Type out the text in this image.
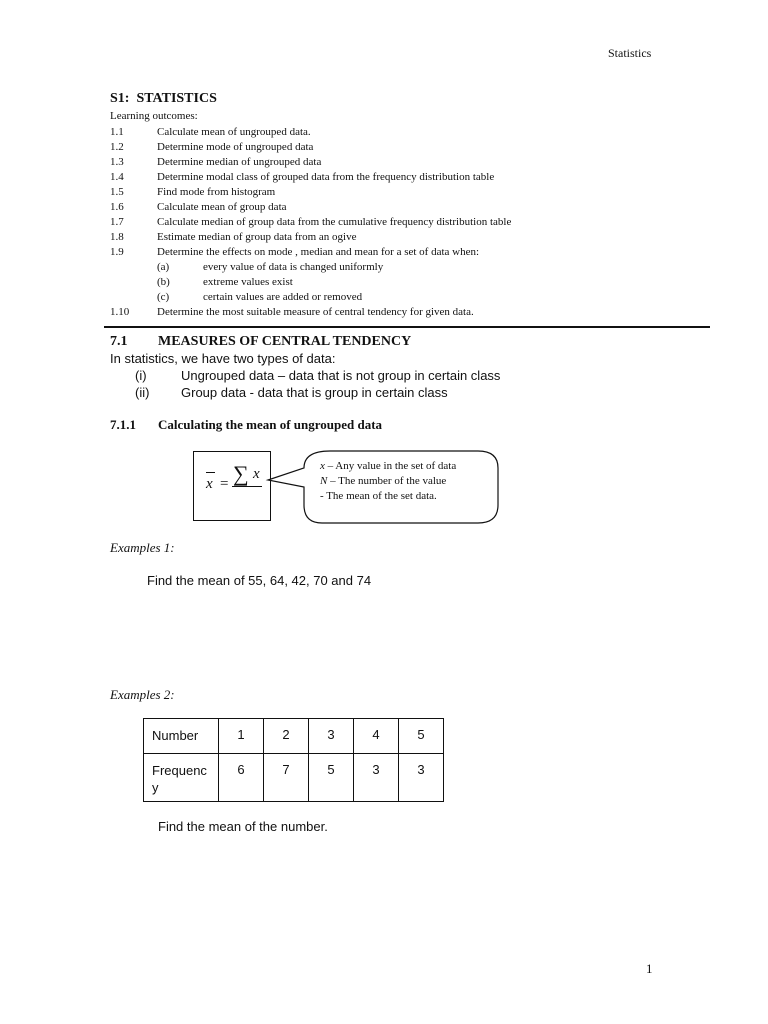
Statistics
S1:  STATISTICS
Learning outcomes:
1.1	Calculate mean of ungrouped data.
1.2	Determine mode of ungrouped data
1.3	Determine median of ungrouped data
1.4	Determine modal class of grouped data from the frequency distribution table
1.5	Find mode from histogram
1.6	Calculate mean of group data
1.7	Calculate median of group data from the cumulative frequency distribution table
1.8	Estimate median of group data from an ogive
1.9	Determine the effects on mode , median and mean for a set of data when:
(a)	every value of data is changed uniformly
(b)	extreme values exist
(c)	certain values are added or removed
1.10	Determine the most suitable measure of central tendency for given data.
7.1 MEASURES OF CENTRAL TENDENCY
In statistics, we have two types of data:
(i)	Ungrouped data – data that is not group in certain class
(ii) Group data - data that is group in certain class
7.1.1 Calculating the mean of ungrouped data
x = ∑ x	x – Any value in the set of data
N – The number of the value
- The mean of the set data.
Examples 1:
Find the mean of 55, 64, 42, 70 and 74
Examples 2:
Number	1	2	3	4	5
Frequenc
y	6	7	5	3	3
Find the mean of the number.
1
